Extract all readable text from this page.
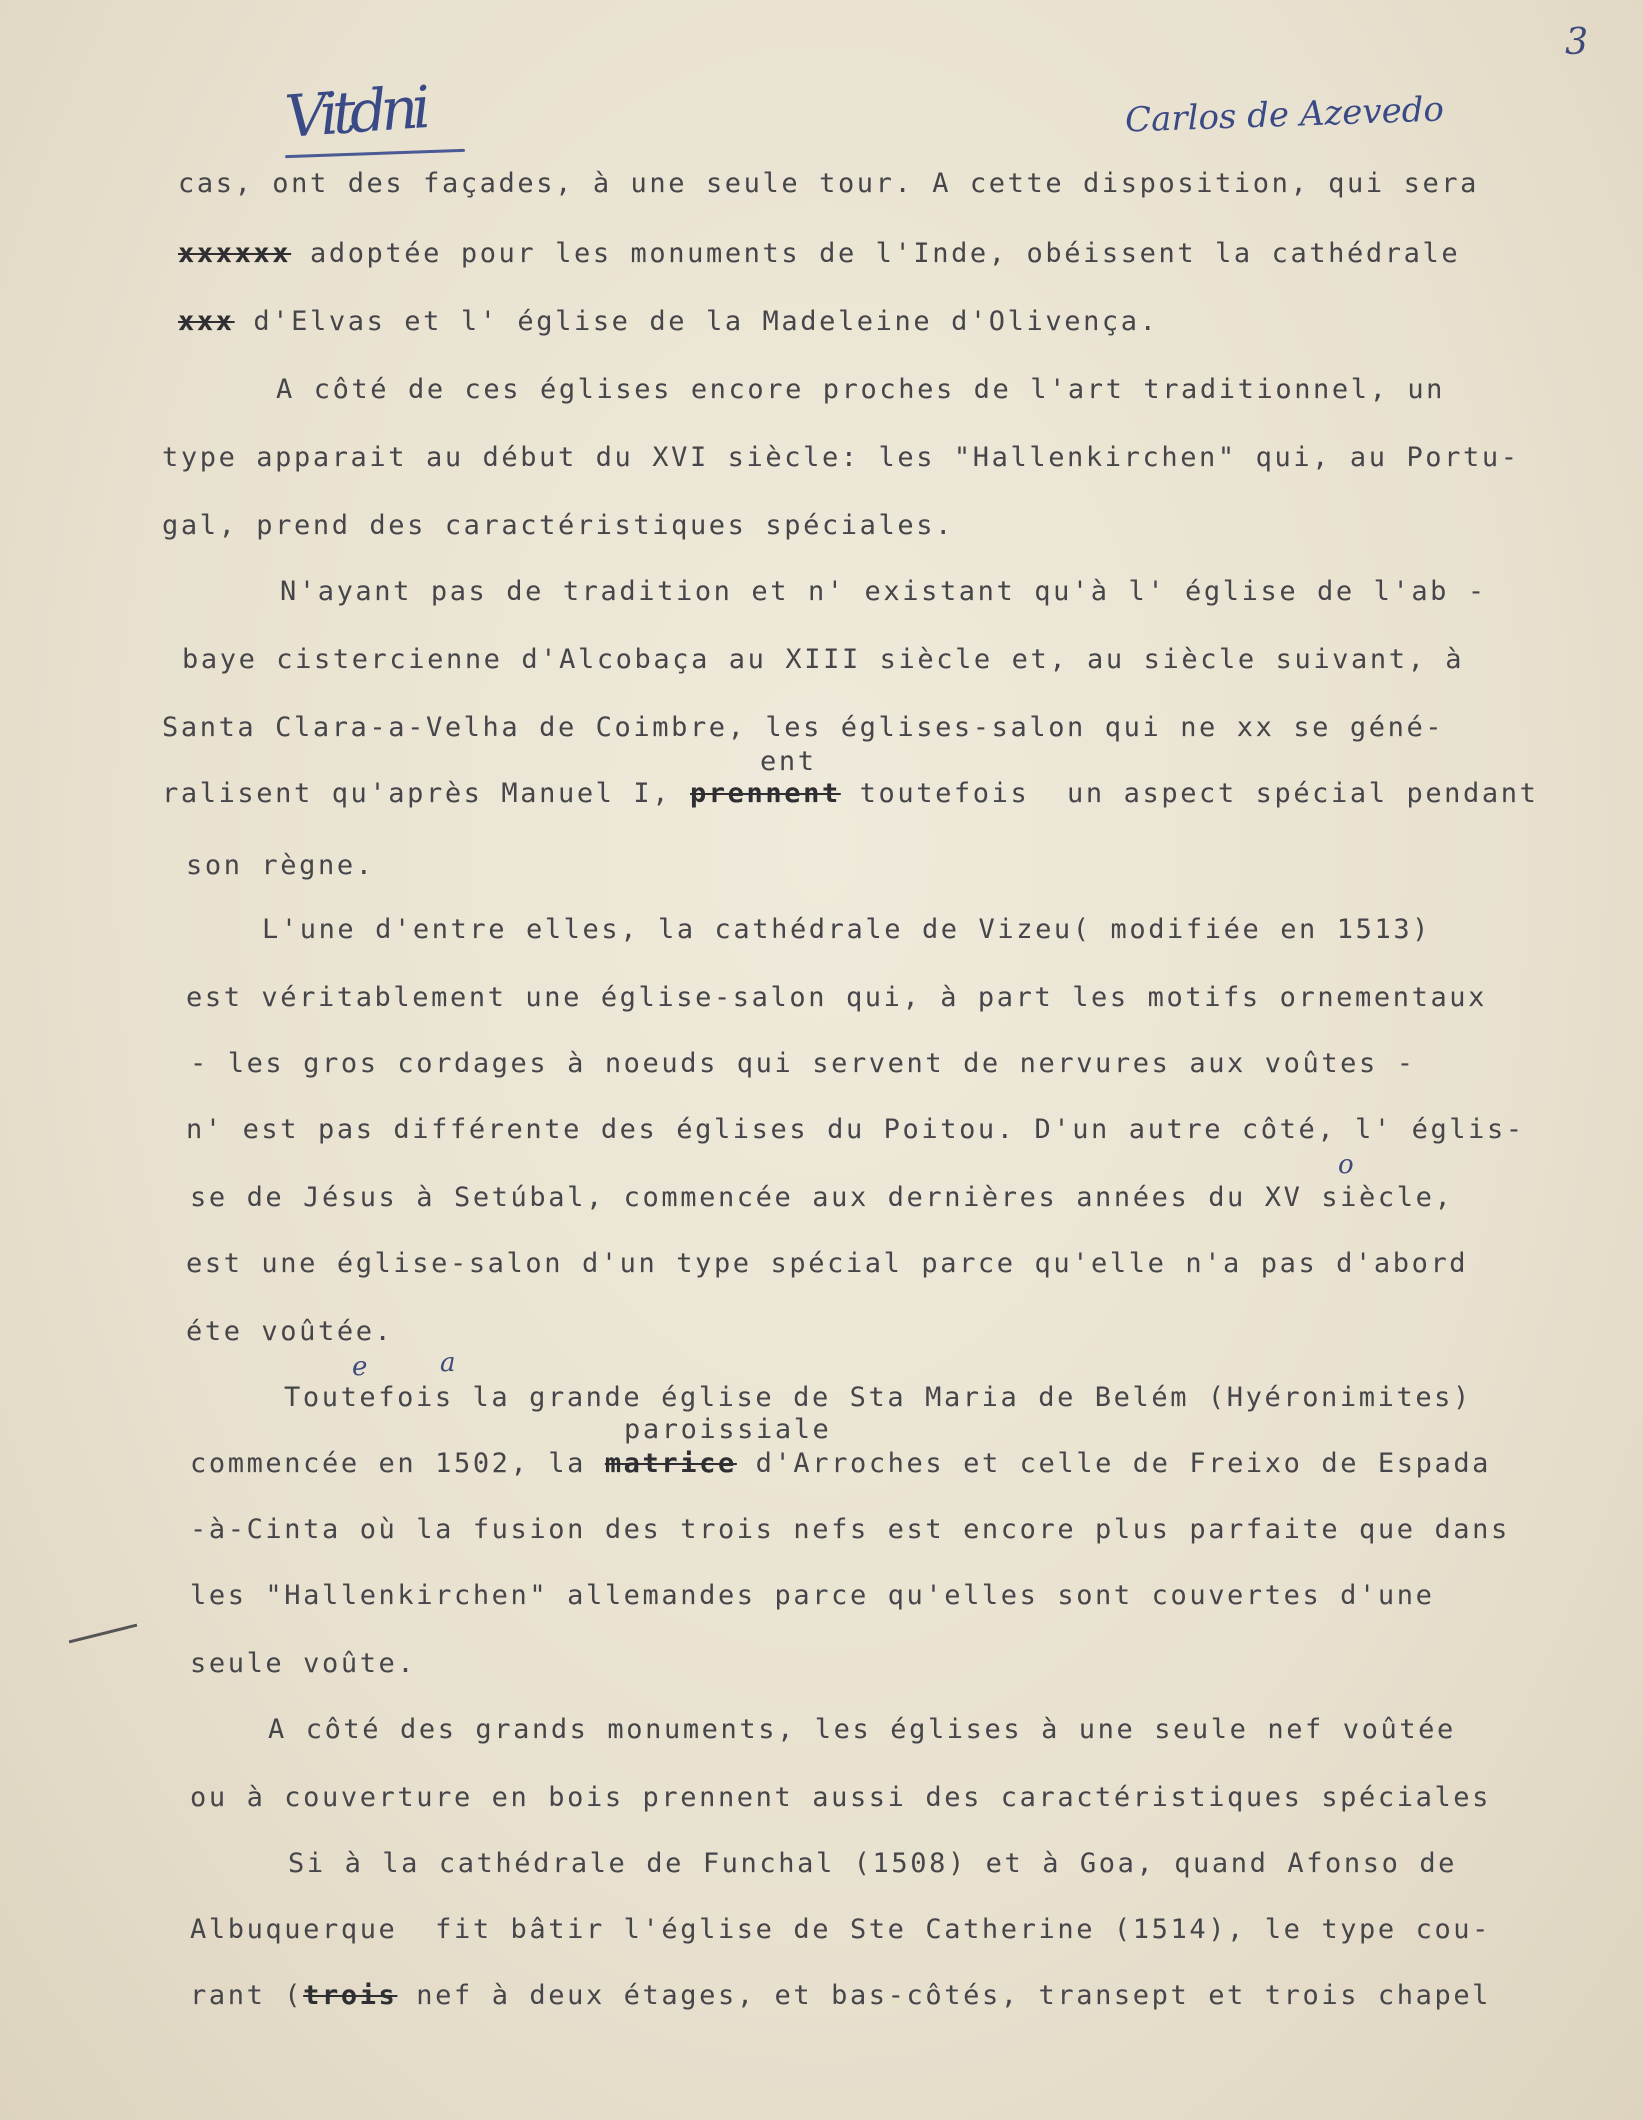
3
Vitdni	Carlos de Azevedo
cas, ont des façades, à une seule tour. A cette disposition, qui sera
xxxxxx adoptée pour les monuments de l'Inde, obéissent la cathédrale
xxx d'Elvas et l' église de la Madeleine d'Olivença.
A côté de ces églises encore proches de l'art traditionnel, un
type apparait au début du XVI siècle: les "Hallenkirchen" qui, au Portu-
gal, prend des caractéristiques spéciales.
N'ayant pas de tradition et n' existant qu'à l' église de l'ab -
baye cistercienne d'Alcobaça au XIII siècle et, au siècle suivant, à
Santa Clara-a-Velha de Coimbre, les églises-salon qui ne xx se géné-
ent
ralisent qu'après Manuel I, prennent toutefois  un aspect spécial pendant
son règne.
L'une d'entre elles, la cathédrale de Vizeu( modifiée en 1513)
est véritablement une église-salon qui, à part les motifs ornementaux
- les gros cordages à noeuds qui servent de nervures aux voûtes -
n' est pas différente des églises du Poitou. D'un autre côté, l' églis-
o
se de Jésus à Setúbal, commencée aux dernières années du XV siècle,
est une église-salon d'un type spécial parce qu'elle n'a pas d'abord
éte voûtée.
e	a
Toutefois la grande église de Sta Maria de Belém (Hyéronimites)
paroissiale
commencée en 1502, la matrice d'Arroches et celle de Freixo de Espada
-à-Cinta où la fusion des trois nefs est encore plus parfaite que dans
les "Hallenkirchen" allemandes parce qu'elles sont couvertes d'une
seule voûte.
A côté des grands monuments, les églises à une seule nef voûtée
ou à couverture en bois prennent aussi des caractéristiques spéciales
Si à la cathédrale de Funchal (1508) et à Goa, quand Afonso de
Albuquerque  fit bâtir l'église de Ste Catherine (1514), le type cou-
rant (trois nef à deux étages, et bas-côtés, transept et trois chapel
